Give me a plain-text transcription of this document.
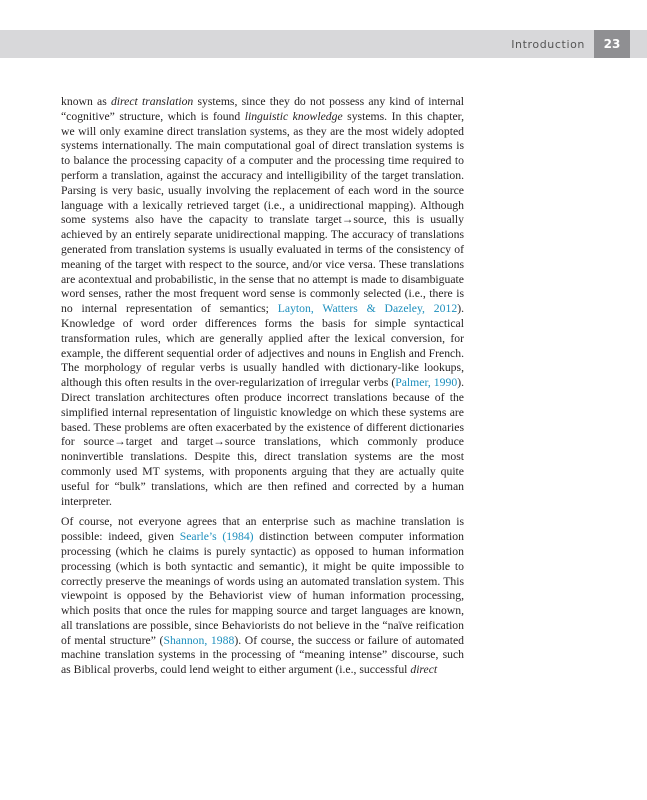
Introduction 23

known as direct translation systems, since they do not possess any kind of internal “cognitive” structure, which is found linguistic knowledge systems. In this chapter, we will only examine direct translation systems, as they are the most widely adopted systems internationally. The main computational goal of direct translation systems is to balance the processing capacity of a computer and the processing time required to perform a translation, against the accuracy and intelligibility of the target translation. Parsing is very basic, usually involving the replacement of each word in the source language with a lexically retrieved target (i.e., a unidirectional mapping). Although some systems also have the capacity to translate target→source, this is usually achieved by an entirely separate unidirectional mapping. The accuracy of translations generated from translation systems is usually evaluated in terms of the consistency of meaning of the target with respect to the source, and/or vice versa. These translations are acontextual and probabilistic, in the sense that no attempt is made to disambiguate word senses, rather the most frequent word sense is commonly selected (i.e., there is no internal representation of semantics; Layton, Watters & Dazeley, 2012). Knowledge of word order differences forms the basis for simple syntactical transformation rules, which are generally applied after the lexical conversion, for example, the different sequential order of adjectives and nouns in English and French. The morphology of regular verbs is usually handled with dictionary-like lookups, although this often results in the over-regularization of irregular verbs (Palmer, 1990). Direct translation architectures often produce incorrect translations because of the simplified internal representation of linguistic knowledge on which these systems are based. These problems are often exacerbated by the existence of different dictionaries for source→target and target→source translations, which commonly produce noninvertible translations. Despite this, direct translation systems are the most commonly used MT systems, with proponents arguing that they are actually quite useful for “bulk” translations, which are then refined and corrected by a human interpreter.

Of course, not everyone agrees that an enterprise such as machine translation is possible: indeed, given Searle’s (1984) distinction between computer information processing (which he claims is purely syntactic) as opposed to human information processing (which is both syntactic and semantic), it might be quite impossible to correctly preserve the meanings of words using an automated translation system. This viewpoint is opposed by the Behaviorist view of human information processing, which posits that once the rules for mapping source and target languages are known, all translations are possible, since Behaviorists do not believe in the “naïve reification of mental structure” (Shannon, 1988). Of course, the success or failure of automated machine translation systems in the processing of “meaning intense” discourse, such as Biblical proverbs, could lend weight to either argument (i.e., successful direct
